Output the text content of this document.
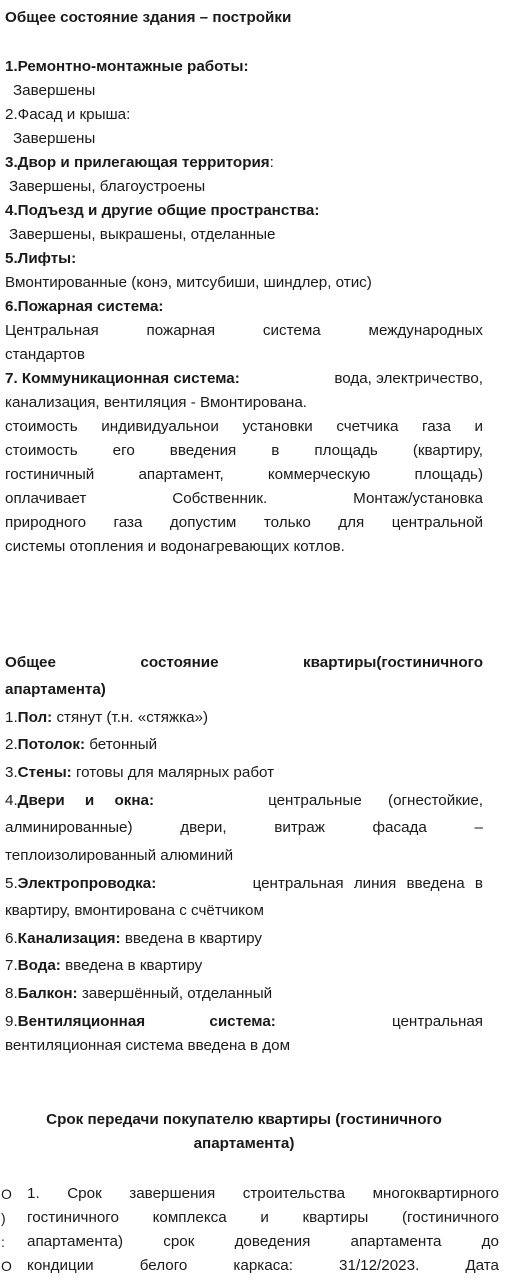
Общее состояние здания – постройки
1.Ремонтно-монтажные работы:
Завершены
2.Фасад и крыша:
Завершены
3.Двор и прилегающая территория:
Завершены, благоустроены
4.Подъезд и другие общие пространства:
Завершены, выкрашены, отделанные
5.Лифты:
Вмонтированные (конэ, митсубиши, шиндлер, отис)
6.Пожарная система:
Центральная пожарная система международных
стандартов
7. Коммуникационная система:	вода, электричество,
канализация, вентиляция - Вмонтирована.
стоимость индивидуальнои установки счетчика газа и
стоимость его введения в площадь (квартиру,
гостиничный апартамент, коммерческую площадь)
оплачивает Собственник. Монтаж/установка
природного газа допустим только для центральной
системы отопления и водонагревающих котлов.
Общее состояние квартиры(гостиничного
апартамента)
1.Пол: стянут (т.н. «стяжка»)
2.Потолок: бетонный
3.Стены: готовы для малярных работ
4.Двери и окна:	центральные (огнестойкие,
алминированные) двери, витраж фасада –
теплоизолированный алюминий
5.Электропроводка:	центральная линия введена в
квартиру, вмонтирована с счётчиком
6.Канализация: введена в квартиру
7.Вода: введена в квартиру
8.Балкон: завершённый, отделанный
9.Вентиляционная система:	центральная
вентиляционная система введена в дом
Срок передачи покупателю квартиры (гостиничного
апартамента)
O
)
:
O
1. Срок завершения строительства многоквартирного
гостиничного комплекса и квартиры (гостиничного
апартамента) срок доведения апартамента до
кондиции белого каркаса: 31/12/2023. Дата
